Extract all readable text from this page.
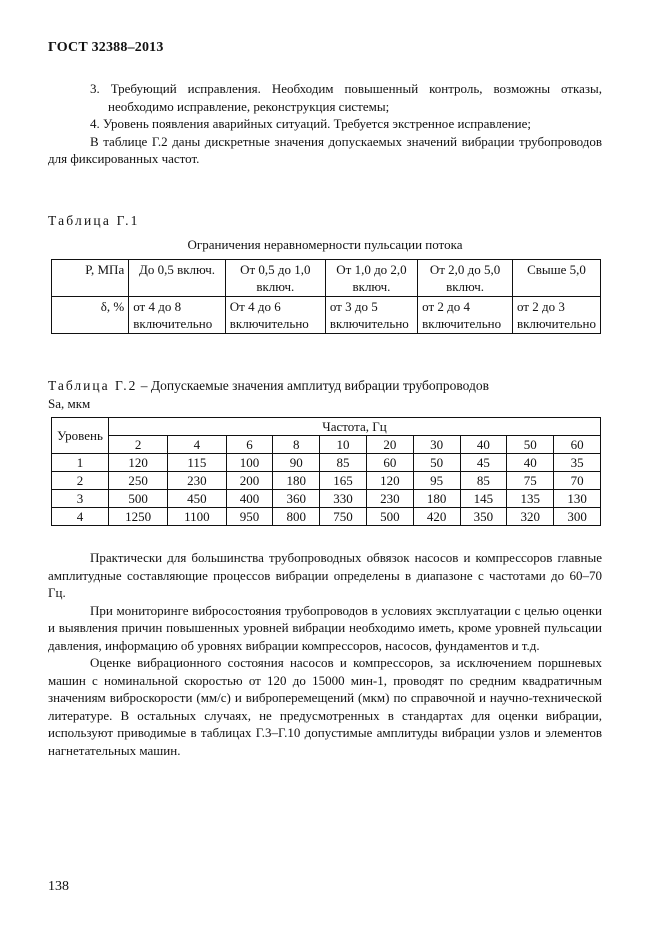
ГОСТ 32388–2013
3. Требующий исправления. Необходим повышенный контроль, возможны отказы, необходимо исправление, реконструкция системы;
4. Уровень появления аварийных ситуаций. Требуется экстренное исправление;
В таблице Г.2 даны дискретные значения допускаемых значений вибрации трубопроводов для фиксированных частот.
Таблица Г.1
Ограничения неравномерности пульсации потока
P, МПа	До 0,5 включ.	От 0,5 до 1,0 включ.	От 1,0 до 2,0 включ.	От 2,0 до 5,0 включ.	Свыше 5,0
δ, %	от 4 до 8 включительно	От 4 до 6 включительно	от 3 до 5 включительно	от 2 до 4 включительно	от 2 до 3 включительно
Таблица Г.2 – Допускаемые значения амплитуд вибрации трубопроводов
Sa, мкм
Уровень	Частота, Гц									
	2	4	6	8	10	20	30	40	50	60
1	120	115	100	90	85	60	50	45	40	35
2	250	230	200	180	165	120	95	85	75	70
3	500	450	400	360	330	230	180	145	135	130
4	1250	1100	950	800	750	500	420	350	320	300
Практически для большинства трубопроводных обвязок насосов и компрессоров главные амплитудные составляющие процессов вибрации определены в диапазоне с частотами до 60–70 Гц.
При мониторинге вибросостояния трубопроводов в условиях эксплуатации с целью оценки и выявления причин повышенных уровней вибрации необходимо иметь, кроме уровней пульсации давления, информацию об уровнях вибрации компрессоров, насосов, фундаментов и т.д.
Оценке вибрационного состояния насосов и компрессоров, за исключением поршневых машин с номинальной скоростью от 120 до 15000 мин-1, проводят по средним квадратичным значениям виброскорости (мм/с) и виброперемещений (мкм) по справочной и научно-технической литературе. В остальных случаях, не предусмотренных в стандартах для оценки вибрации, используют приводимые в таблицах Г.3–Г.10 допустимые амплитуды вибрации узлов и элементов нагнетательных машин.
138
